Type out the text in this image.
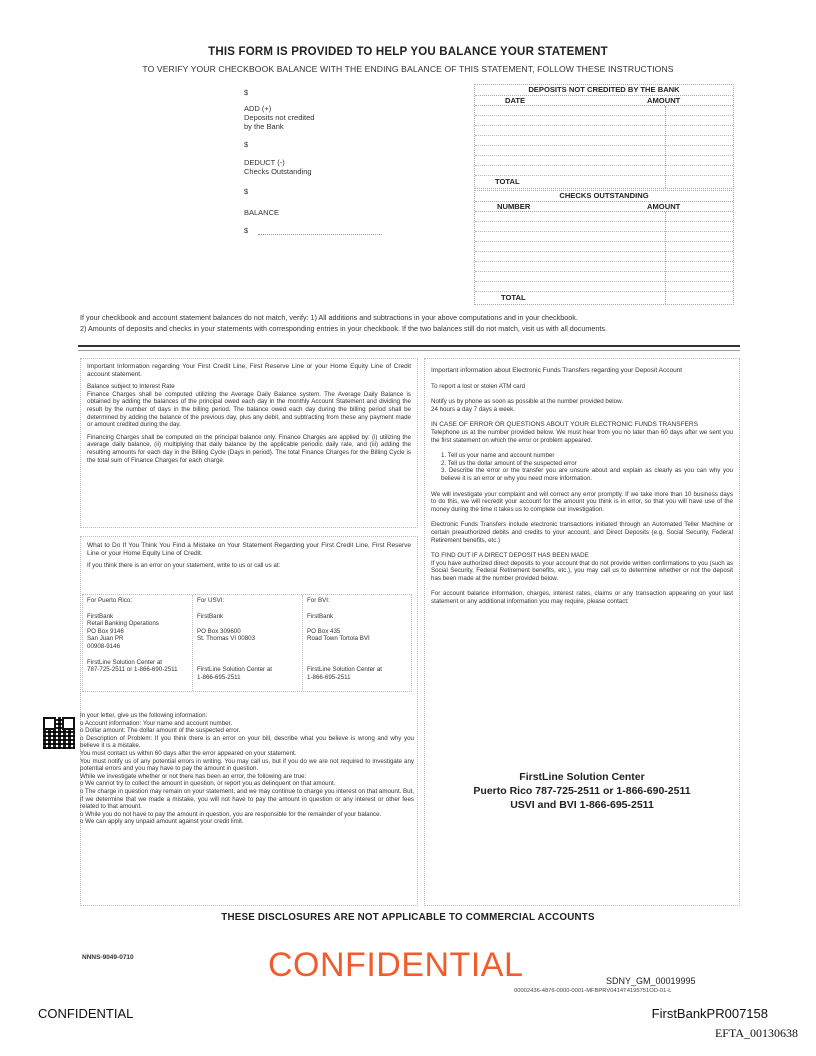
THIS FORM IS PROVIDED TO HELP YOU BALANCE YOUR STATEMENT
TO VERIFY YOUR CHECKBOOK BALANCE WITH THE ENDING BALANCE OF THIS STATEMENT, FOLLOW THESE INSTRUCTIONS
$
ADD (+)
Deposits not credited
by the Bank
$
DEDUCT (-)
Checks Outstanding
$
BALANCE
$
DEPOSITS NOT CREDITED BY THE BANK
DATE	AMOUNT
TOTAL
CHECKS OUTSTANDING
NUMBER	AMOUNT
TOTAL
If your checkbook and account statement balances do not match, verify: 1) All additions and subtractions in your above computations and in your checkbook.
2) Amounts of deposits and checks in your statements with corresponding entries in your checkbook. If the two balances still do not match, visit us with all documents.

Important Information regarding Your First Credit Line, First Reserve Line or your Home Equity Line of Credit account statement.

Balance subject to Interest Rate

Finance Charges shall be computed utilizing the Average Daily Balance system. The Average Daily Balance is obtained by adding the balances of the principal owed each day in the monthly Account Statement and dividing the result by the number of days in the billing period. The balance owed each day during the billing period shall be determined by adding the balance of the previous day, plus any debit, and subtracting from these any payment made or amount credited during the day.

Financing Charges shall be computed on the principal balance only. Finance Charges are applied by: (i) utilizing the average daily balance, (ii) multiplying that daily balance by the applicable periodic daily rate, and (iii) adding the resulting amounts for each day in the Billing Cycle (Days in period). The total Finance Charges for the Billing Cycle is the total sum of Finance Charges for each charge.

What to Do If You Think You Find a Mistake on Your Statement Regarding your First Credit Line, First Reserve Line or your Home Equity Line of Credit.

If you think there is an error on your statement, write to us or call us at:

For Puerto Rico:
FirstBank
Retail Banking Operations
PO Box 9146
San Juan PR
00908-9146
FirstLine Solution Center at
787-725-2511 or 1-866-690-2511
For USVI:
FirstBank
PO Box 309600
St. Thomas VI 00803
FirstLine Solution Center at
1-866-695-2511
For BVI:
FirstBank
PO Box 435
Road Town Tortola BVI
FirstLine Solution Center at
1-866-695-2511

In your letter, give us the following information:

o Account information: Your name and account number.

o Dollar amount: The dollar amount of the suspected error.

o Description of Problem: If you think there is an error on your bill, describe what you believe is wrong and why you believe it is a mistake.

You must contact us within 60 days after the error appeared on your statement.

You must notify us of any potential errors in writing. You may call us, but if you do we are not required to investigate any potential errors and you may have to pay the amount in question.

While we investigate whether or not there has been an error, the following are true:

o We cannot try to collect the amount in question, or report you as delinquent on that amount.

o The charge in question may remain on your statement, and we may continue to charge you interest on that amount. But, if we determine that we made a mistake, you will not have to pay the amount in question or any interest or other fees related to that amount.

o While you do not have to pay the amount in question, you are responsible for the remainder of your balance.

o We can apply any unpaid amount against your credit limit.

Important information about Electronic Funds Transfers regarding your Deposit Account

To report a lost or stolen ATM card

Notify us by phone as soon as possible at the number provided below.

24 hours a day 7 days a week.

IN CASE OF ERROR OR QUESTIONS ABOUT YOUR ELECTRONIC FUNDS TRANSFERS

Telephone us at the number provided below. We must hear from you no later than 60 days after we sent you the first statement on which the error or problem appeared.

1. Tell us your name and account number

2. Tell us the dollar amount of the suspected error

3. Describe the error or the transfer you are unsure about and explain as clearly as you can why you believe it is an error or why you need more information.

We will investigate your complaint and will correct any error promptly. If we take more than 10 business days to do this, we will recredit your account for the amount you think is in error, so that you will have use of the money during the time it takes us to complete our investigation.

Electronic Funds Transfers include electronic transactions initiated through an Automated Teller Machine or certain preauthorized debits and credits to your account, and Direct Deposits (e.g. Social Security, Federal Retirement benefits, etc.)

TO FIND OUT IF A DIRECT DEPOSIT HAS BEEN MADE

If you have authorized direct deposits to your account that do not provide written confirmations to you (such as Social Security, Federal Retirement benefits, etc.), you may call us to determine whether or not the deposit has been made at the number provided below.

For account balance information, charges, interest rates, claims or any transaction appearing on your last statement or any additional information you may require, please contact:

FirstLine Solution Center
Puerto Rico 787-725-2511 or 1-866-690-2511
USVI and BVI 1-866-695-2511
THESE DISCLOSURES ARE NOT APPLICABLE TO COMMERCIAL ACCOUNTS
NNNS-9049-0710	CONFIDENTIAL	SDNY_GM_00019995
00002436-4876-0000-0001-MFBPRV0414T4195751OD-01-L
CONFIDENTIAL	FirstBankPR007158
EFTA_00130638
